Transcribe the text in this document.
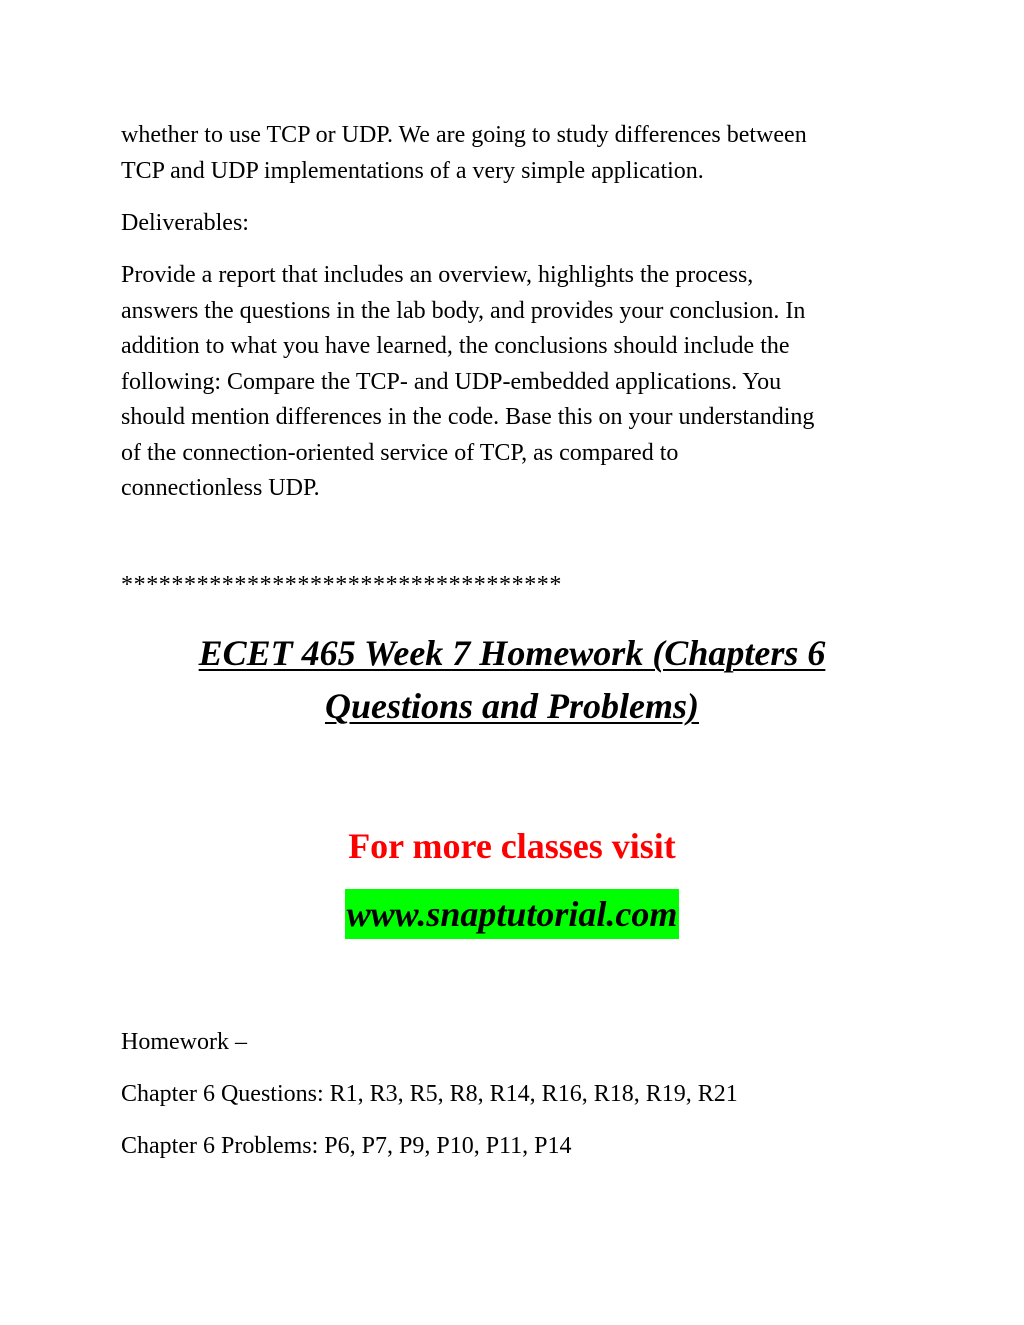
whether to use TCP or UDP. We are going to study differences between
TCP and UDP implementations of a very simple application.

Deliverables:

Provide a report that includes an overview, highlights the process,
answers the questions in the lab body, and provides your conclusion. In
addition to what you have learned, the conclusions should include the
following: Compare the TCP- and UDP-embedded applications. You
should mention differences in the code. Base this on your understanding
of the connection-oriented service of TCP, as compared to
connectionless UDP.

***********************************

ECET 465 Week 7 Homework (Chapters 6
Questions and Problems)

For more classes visit

www.snaptutorial.com

Homework –

Chapter 6 Questions: R1, R3, R5, R8, R14, R16, R18, R19, R21

Chapter 6 Problems: P6, P7, P9, P10, P11, P14
